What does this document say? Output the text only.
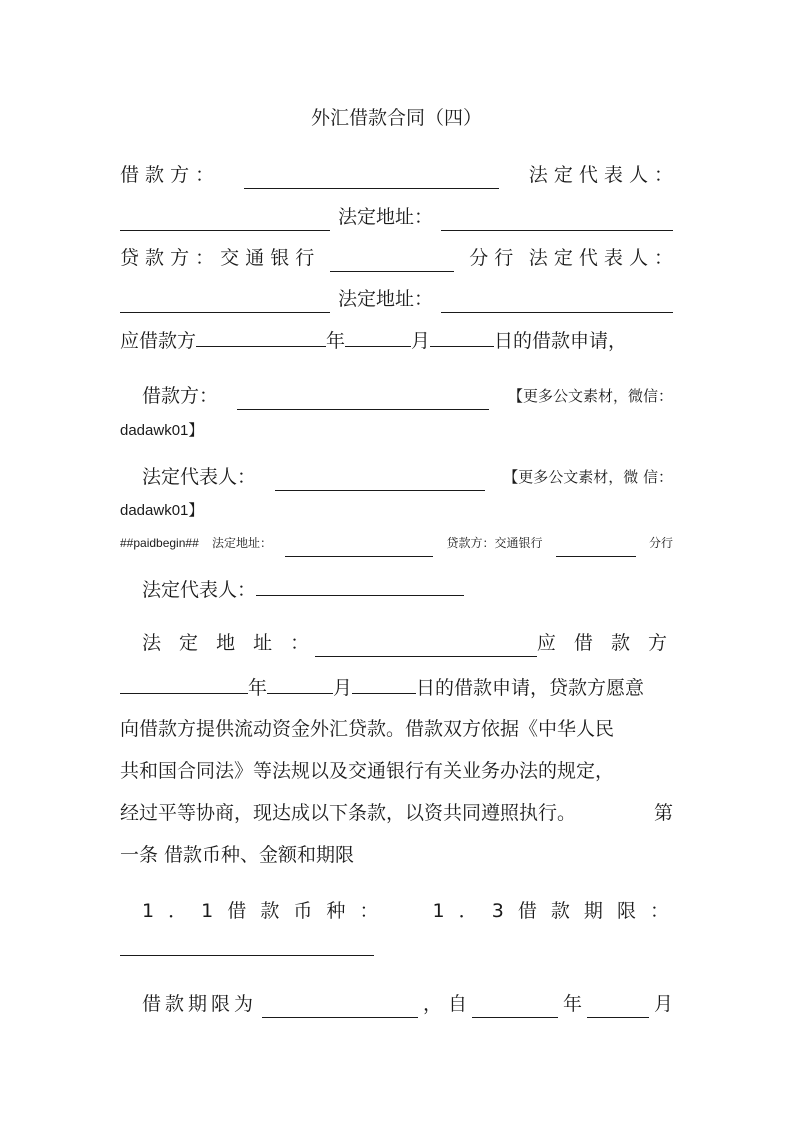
外汇借款合同（四）
借 款 方 ：	法 定 代 表 人 ：
法定地址：
贷 款 方 ： 交 通 银 行	分 行 法 定 代 表 人 ：
法定地址：
应借款方	年	月	日的借款申请，
借款方：	【更多公文素材，微信：
dadawk01】
法定代表人：	【更多公文素材，微 信：
dadawk01】
##paidbegin## 法定地址：	贷款方：交通银行	分行
法定代表人：
法 定 地 址 ：	应 借 款 方
年	月	日的借款申请，贷款方愿意
向借款方提供流动资金外汇贷款。借款双方依据《中华人民
共和国合同法》等法规以及交通银行有关业务办法的规定，
经过平等协商，现达成以下条款，以资共同遵照执行。	第
一条 借款币种、金额和期限
1 ． 1 借 款 币 种 ：	1 ． 3 借 款 期 限 ：
借款期限为	， 自	年	月
